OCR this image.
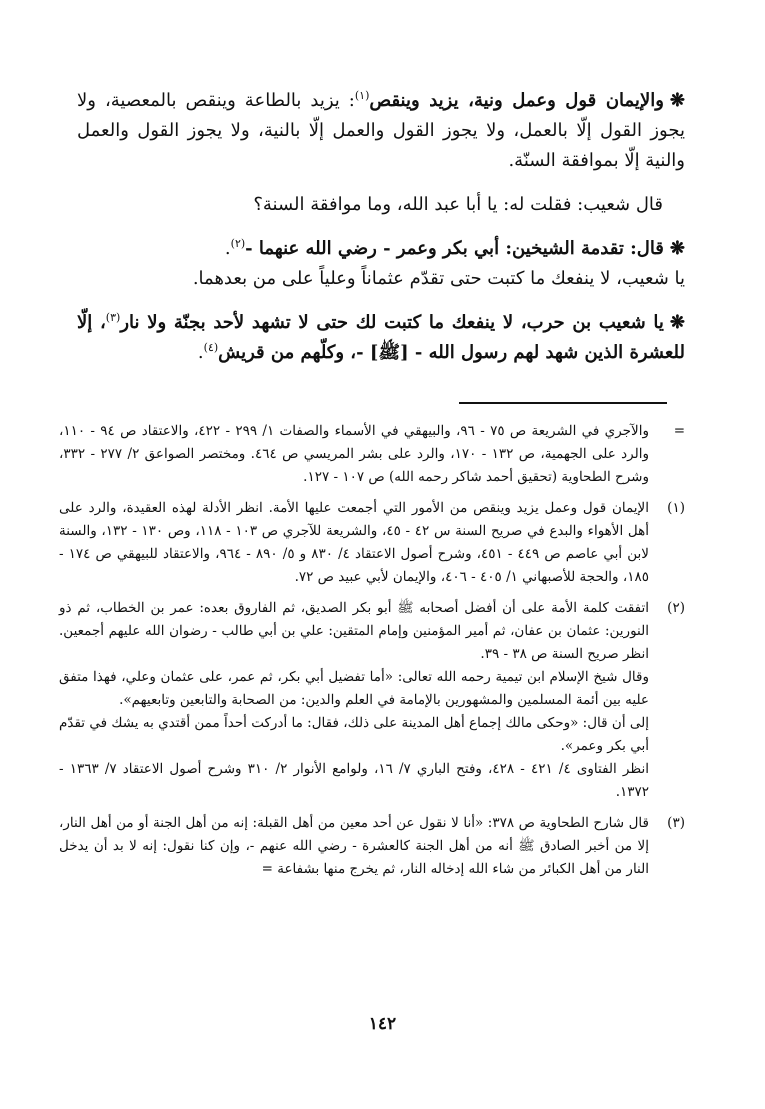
❋والإيمان قول وعمل ونية، يزيد وينقص$^{(١)}$: يزيد بالطاعة وينقص بالمعصية، ولا يجوز القول إلّا بالعمل، ولا يجوز القول والعمل إلّا بالنية، ولا يجوز القول والعمل والنية إلّا بموافقة السنّة.

قال شعيب: فقلت له: يا أبا عبد الله، وما موافقة السنة؟

❋قال: تقدمة الشيخين: أبي بكر وعمر - رضي الله عنهما -$^{(٢)}$.
يا شعيب، لا ينفعك ما كتبت حتى تقدّم عثماناً وعلياً على من بعدهما.

❋يا شعيب بن حرب، لا ينفعك ما كتبت لك حتى لا تشهد لأحد بجنّة ولا نار$^{(٣)}$، إلّا للعشرة الذين شهد لهم رسول الله - [ﷺ] -، وكلّهم من قريش$^{(٤)}$.

=
والآجري في الشريعة ص ٧٥ - ٩٦، والبيهقي في الأسماء والصفات ١/ ٢٩٩ - ٤٢٢، والاعتقاد ص ٩٤ - ١١٠، والرد على الجهمية، ص ١٣٢ - ١٧٠، والرد على بشر المريسي ص ٤٦٤. ومختصر الصواعق ٢/ ٢٧٧ - ٣٣٢، وشرح الطحاوية (تحقيق أحمد شاكر رحمه الله) ص ١٠٧ - ١٢٧.
(١)
الإيمان قول وعمل يزيد وينقص من الأمور التي أجمعت عليها الأمة. انظر الأدلة لهذه العقيدة، والرد على أهل الأهواء والبدع في صريح السنة س ٤٢ - ٤٥، والشريعة للآجري ص ١٠٣ - ١١٨، وص ١٣٠ - ١٣٢، والسنة لابن أبي عاصم ص ٤٤٩ - ٤٥١، وشرح أصول الاعتقاد ٤/ ٨٣٠ و ٥/ ٨٩٠ - ٩٦٤، والاعتقاد للبيهقي ص ١٧٤ - ١٨٥، والحجة للأصبهاني ١/ ٤٠٥ - ٤٠٦، والإيمان لأبي عبيد ص ٧٢.
(٢)
اتفقت كلمة الأمة على أن أفضل أصحابه ﷺ أبو بكر الصديق، ثم الفاروق بعده: عمر بن الخطاب، ثم ذو النورين: عثمان بن عفان، ثم أمير المؤمنين وإمام المتقين: علي بن أبي طالب - رضوان الله عليهم أجمعين. انظر صريح السنة ص ٣٨ - ٣٩.
وقال شيخ الإسلام ابن تيمية رحمه الله تعالى: «أما تفضيل أبي بكر، ثم عمر، على عثمان وعلي، فهذا متفق عليه بين أئمة المسلمين والمشهورين بالإمامة في العلم والدين: من الصحابة والتابعين وتابعيهم».
إلى أن قال: «وحكى مالك إجماع أهل المدينة على ذلك، فقال: ما أدركت أحداً ممن أقتدي به يشك في تقدّم أبي بكر وعمر».
انظر الفتاوى ٤/ ٤٢١ - ٤٢٨، وفتح الباري ٧/ ١٦، ولوامع الأنوار ٢/ ٣١٠ وشرح أصول الاعتقاد ٧/ ١٣٦٣ - ١٣٧٢.
(٣)
قال شارح الطحاوية ص ٣٧٨: «أنا لا نقول عن أحد معين من أهل القبلة: إنه من أهل الجنة أو من أهل النار، إلا من أخبر الصادق ﷺ أنه من أهل الجنة كالعشرة - رضي الله عنهم -، وإن كنا نقول: إنه لا بد أن يدخل النار من أهل الكبائر من شاء الله إدخاله النار، ثم يخرج منها بشفاعة =
١٤٢
